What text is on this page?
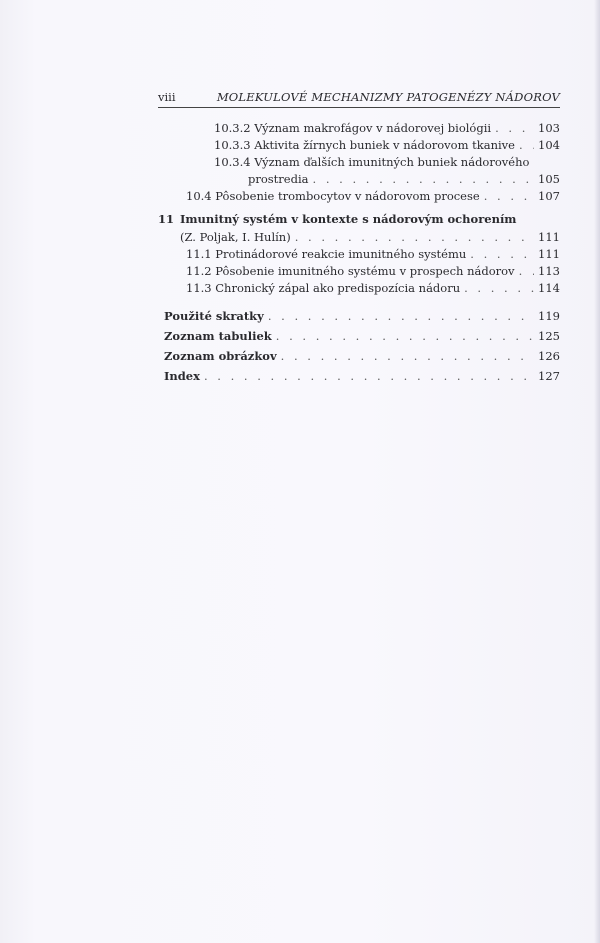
viii	MOLEKULOVÉ MECHANIZMY PATOGENÉZY NÁDOROV
10.3.2 Význam makrofágov v nádorovej biológii . . .	103
10.3.3 Aktivita žírnych buniek v nádorovom tkanive . . . 104
10.3.4 Význam ďalších imunitných buniek nádorového
prostredia . . .	105
10.4 Pôsobenie trombocytov v nádorovom procese . . .	107
11 Imunitný systém v kontexte s nádorovým ochorením
(Z. Poljak, I. Hulín) . . .	111
11.1 Protinádorové reakcie imunitného systému . . .	111
11.2 Pôsobenie imunitného systému v prospech nádorov . . . 113
11.3 Chronický zápal ako predispozícia nádoru . . .	114
Použité skratky . . .	119
Zoznam tabuliek . . .	125
Zoznam obrázkov . . .	126
Index . . .	127
